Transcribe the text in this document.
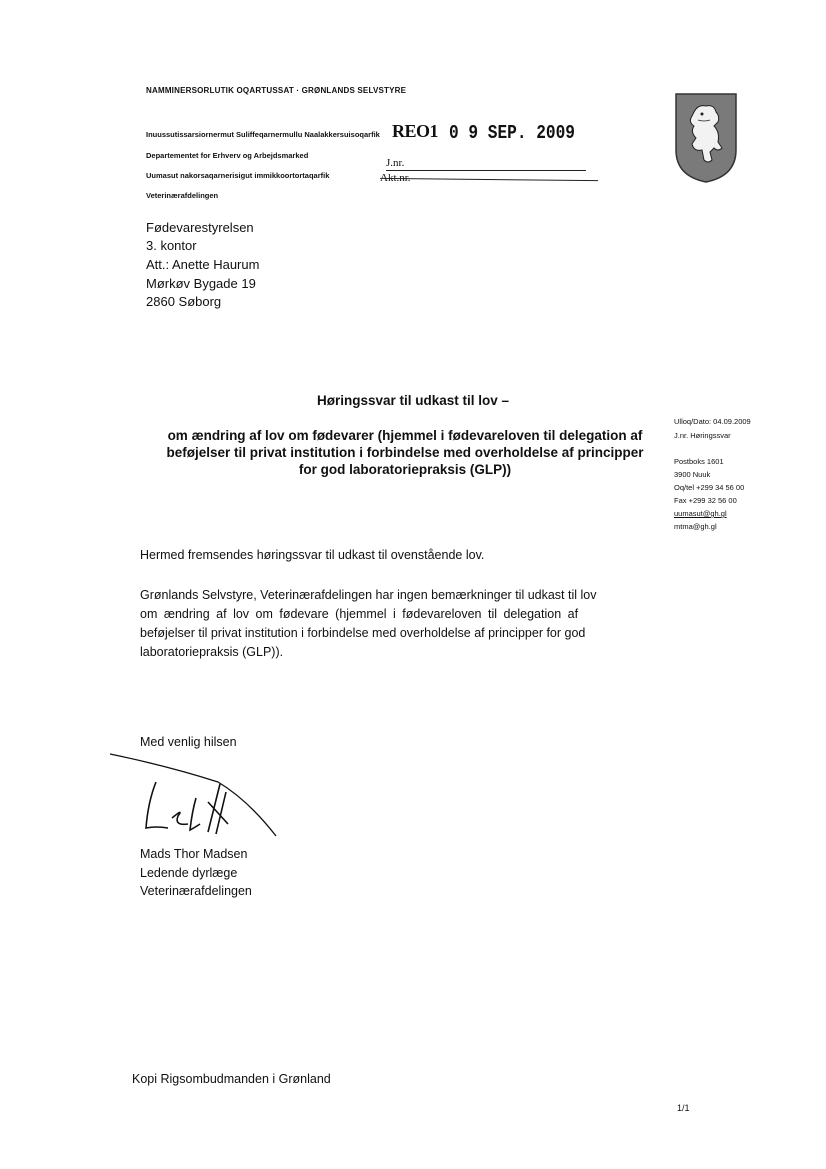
NAMMINERSORLUTIK OQARTUSSAT · GRØNLANDS SELVSTYRE
Inuussutissarsiornermut Suliffeqarnermullu Naalakkersuisoqarfik
Departementet for Erhverv og Arbejdsmarked
Uumasut nakorsaqarnerisigut immikkoortortaqarfik
Veterinærafdelingen
REO1 0 9 SEP. 2009
J.nr.
Akt.nr.
Fødevarestyrelsen
3. kontor
Att.: Anette Haurum
Mørkøv Bygade 19
2860 Søborg
Høringssvar til udkast til lov –
om ændring af lov om fødevarer (hjemmel i fødevareloven til delegation af
beføjelser til privat institution i forbindelse med overholdelse af principper
for god laboratoriepraksis (GLP))
Ulloq/Dato: 04.09.2009
J.nr. Høringssvar
Postboks 1601
3900 Nuuk
Oq/tel +299 34 56 00
Fax +299 32 56 00
uumasut@gh.gl
mtma@gh.gl
Hermed fremsendes høringssvar til udkast til ovenstående lov.
Grønlands Selvstyre, Veterinærafdelingen har ingen bemærkninger til udkast til lov
om ændring af lov om fødevare (hjemmel i fødevareloven til delegation af
beføjelser til privat institution i forbindelse med overholdelse af principper for god
laboratoriepraksis (GLP)).
Med venlig hilsen
Mads Thor Madsen
Ledende dyrlæge
Veterinærafdelingen
Kopi Rigsombudmanden i Grønland
1/1
